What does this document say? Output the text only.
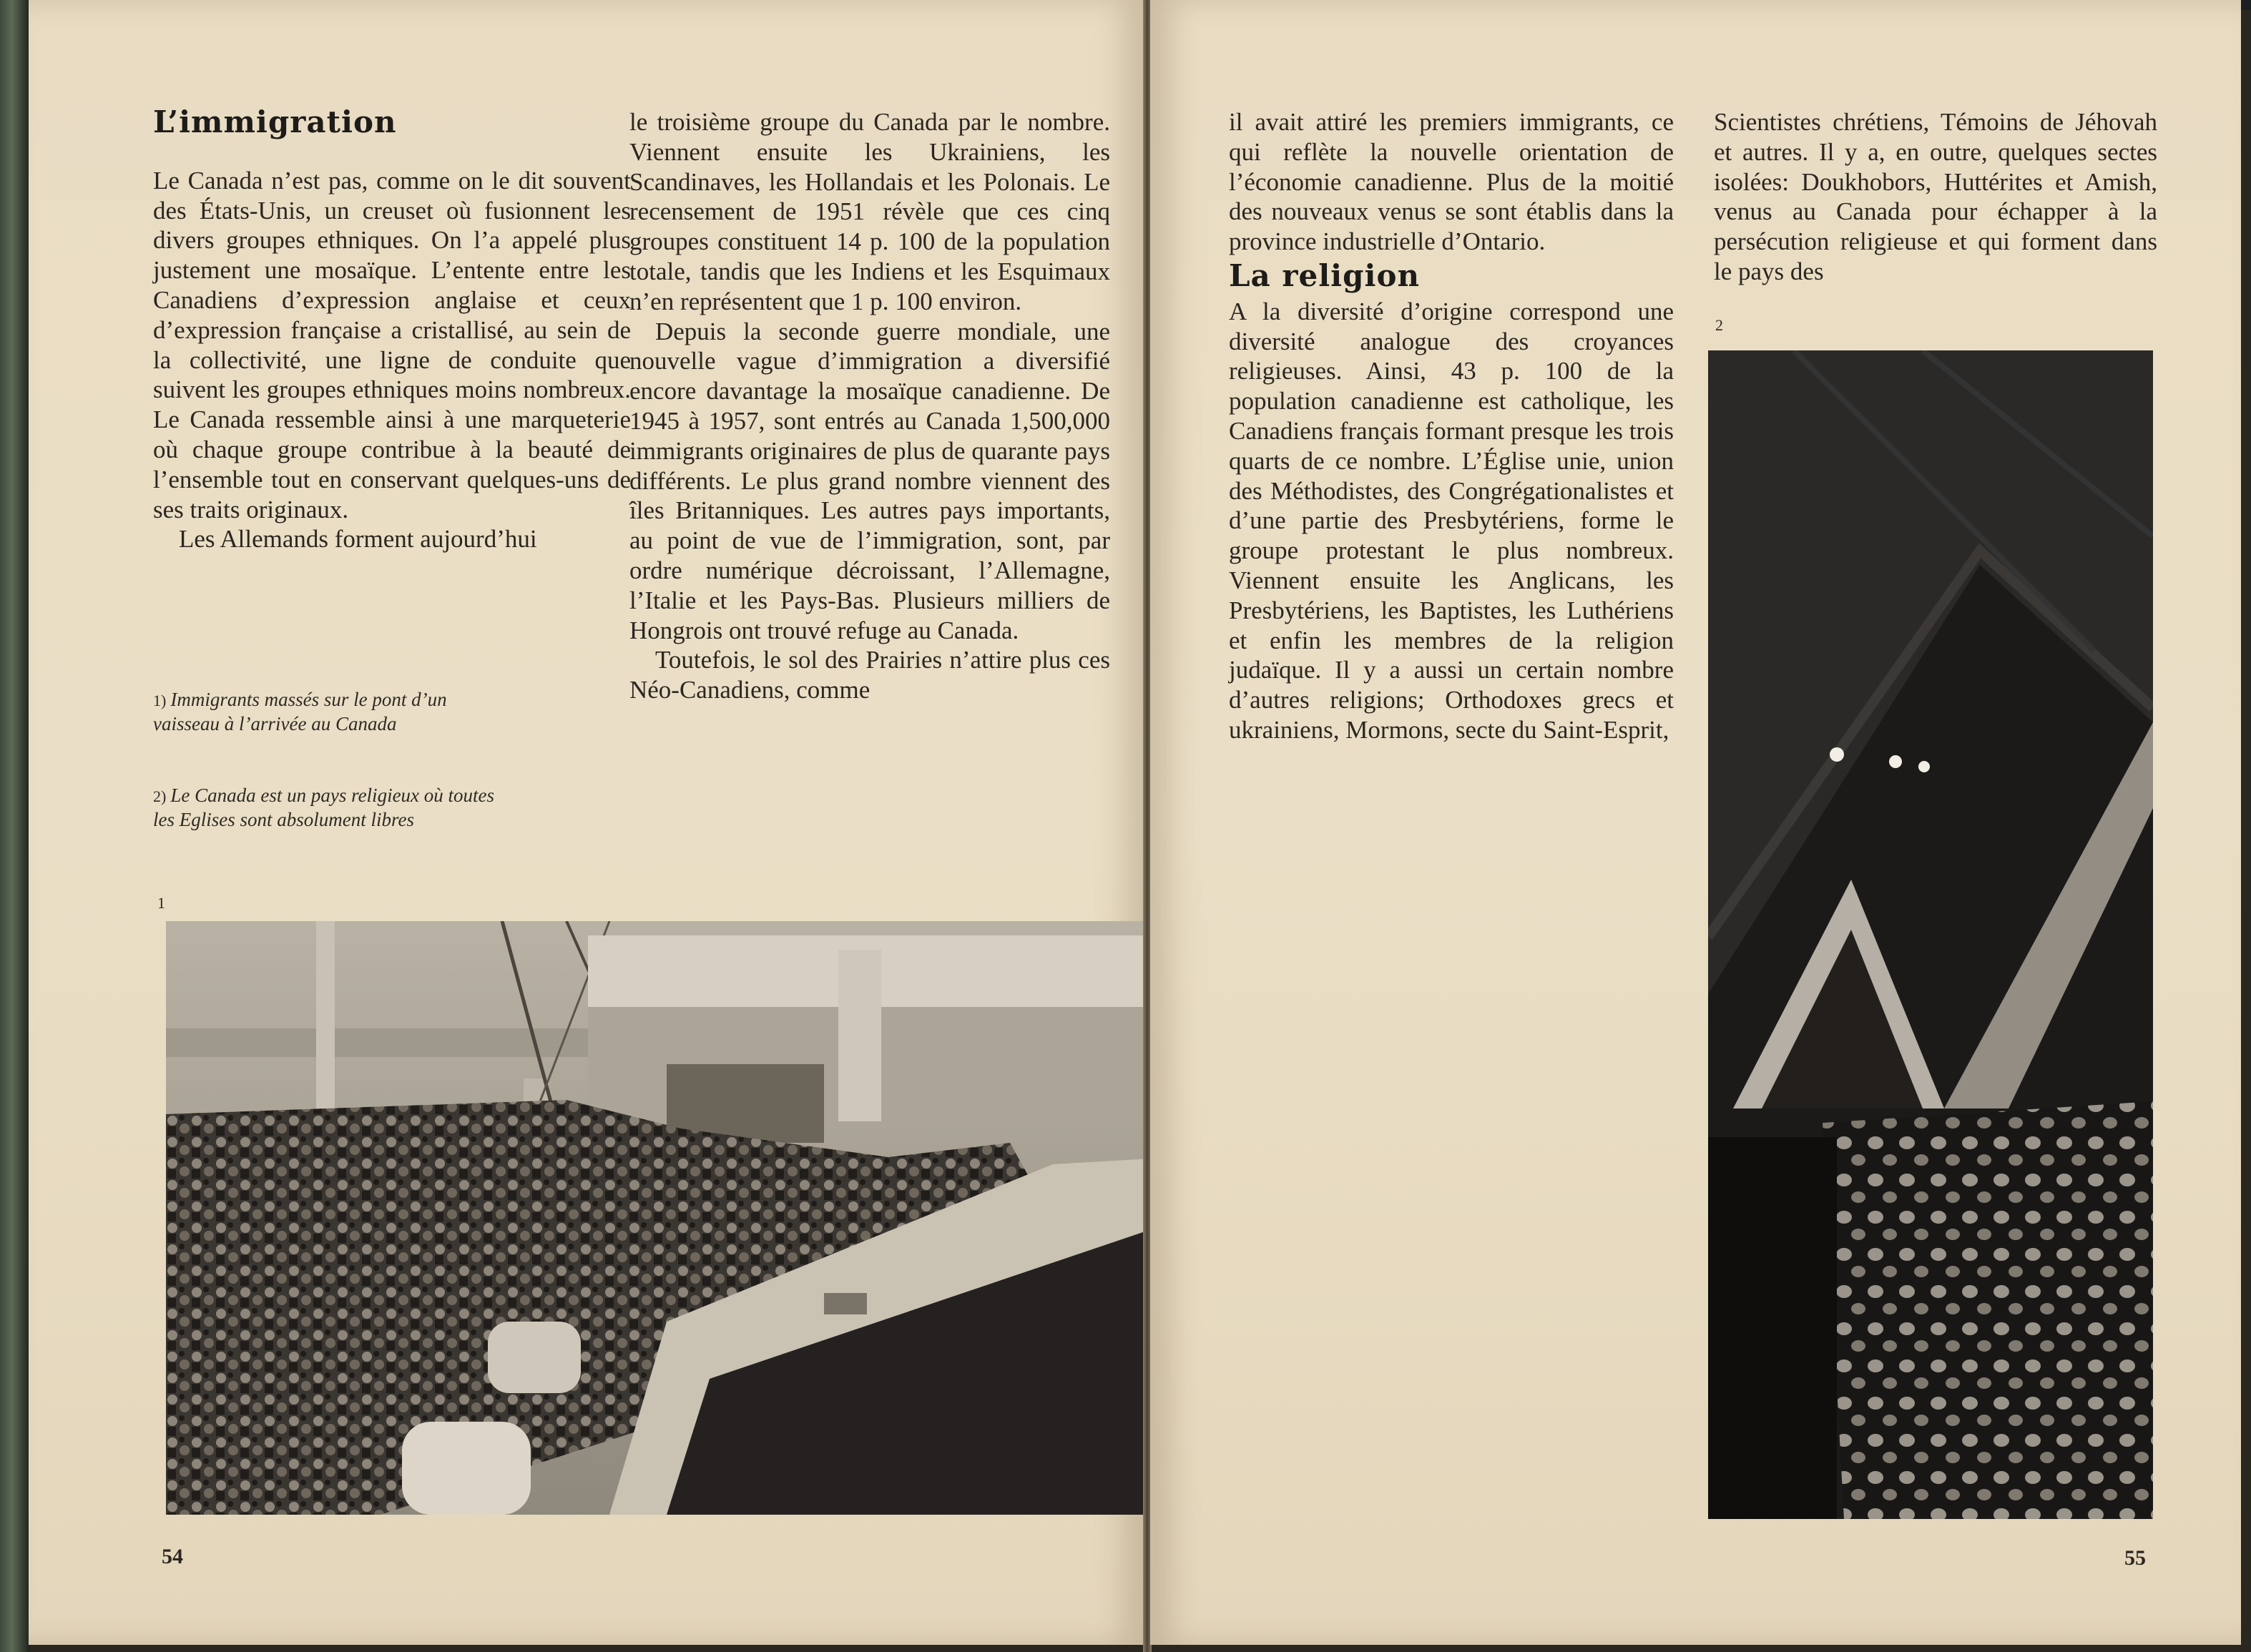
L’immigration

Le Canada n’est pas, comme on le dit souvent des États-Unis, un creuset où fusionnent les divers groupes ethniques. On l’a appelé plus justement une mosaïque. L’entente entre les Canadiens d’expression anglaise et ceux d’expression française a cristallisé, au sein de la collectivité, une ligne de conduite que suivent les groupes ethniques moins nombreux. Le Canada ressemble ainsi à une marqueterie où chaque groupe contribue à la beauté de l’ensemble tout en conservant quelques-uns de ses traits originaux.

Les Allemands forment aujourd’hui

le troisième groupe du Canada par le nombre. Viennent ensuite les Ukrainiens, les Scandinaves, les Hollandais et les Polonais. Le recensement de 1951 révèle que ces cinq groupes constituent 14 p. 100 de la population totale, tandis que les Indiens et les Esquimaux n’en représentent que 1 p. 100 environ.

Depuis la seconde guerre mondiale, une nouvelle vague d’immigration a diversifié encore davantage la mosaïque canadienne. De 1945 à 1957, sont entrés au Canada 1,500,000 immigrants originaires de plus de quarante pays différents. Le plus grand nombre viennent des îles Britanniques. Les autres pays importants, au point de vue de l’immigration, sont, par ordre numérique décroissant, l’Allemagne, l’Italie et les Pays-Bas. Plusieurs milliers de Hongrois ont trouvé refuge au Canada.

Toutefois, le sol des Prairies n’attire plus ces Néo-Canadiens, comme

1) Immigrants massés sur le pont d’un vaisseau à l’arrivée au Canada
2) Le Canada est un pays religieux où toutes les Eglises sont absolument libres
1
54

il avait attiré les premiers immigrants, ce qui reflète la nouvelle orientation de l’économie canadienne. Plus de la moitié des nouveaux venus se sont établis dans la province industrielle d’Ontario.

La religion

A la diversité d’origine correspond une diversité analogue des croyances religieuses. Ainsi, 43 p. 100 de la population canadienne est catholique, les Canadiens français formant presque les trois quarts de ce nombre. L’Église unie, union des Méthodistes, des Congrégationalistes et d’une partie des Presbytériens, forme le groupe protestant le plus nombreux. Viennent ensuite les Anglicans, les Presbytériens, les Baptistes, les Luthériens et enfin les membres de la religion judaïque. Il y a aussi un certain nombre d’autres religions; Orthodoxes grecs et ukrainiens, Mormons, secte du Saint-Esprit,

Scientistes chrétiens, Témoins de Jéhovah et autres. Il y a, en outre, quelques sectes isolées: Doukhobors, Huttérites et Amish, venus au Canada pour échapper à la persécution religieuse et qui forment dans le pays des

2
55
